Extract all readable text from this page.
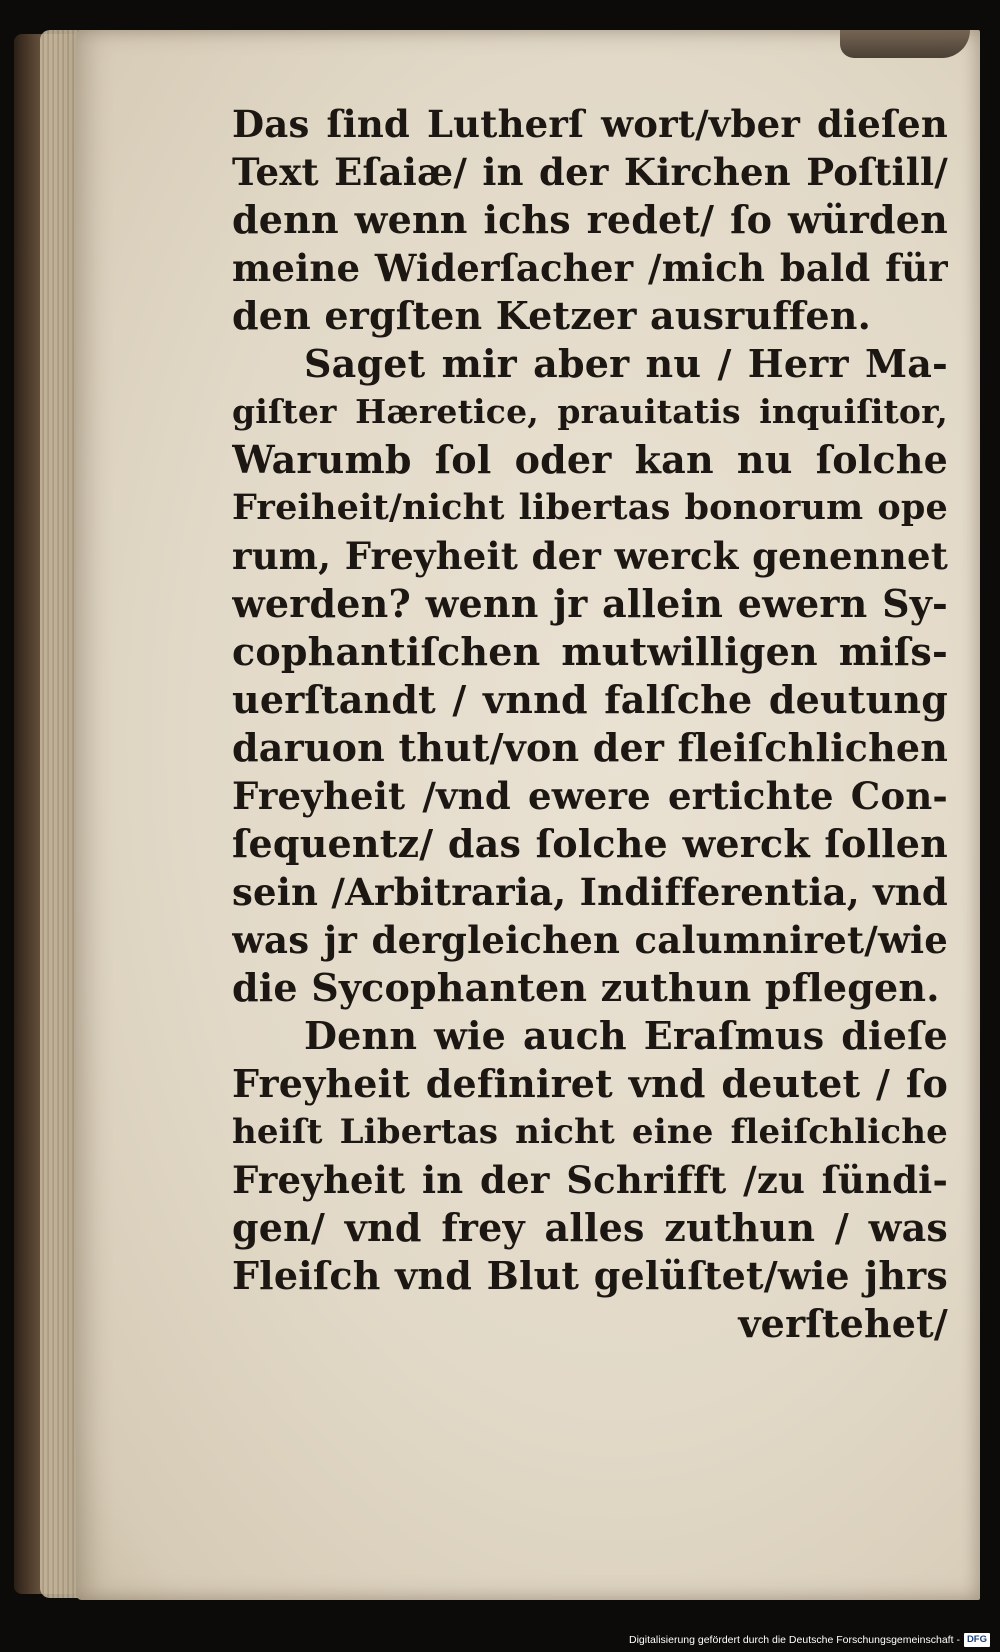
Das ſind Lutherſ wort/vber dieſen
Text Eſaiæ/ in der Kirchen Poſtill/
denn wenn ichs redet/ ſo würden
meine Widerſacher /mich bald für
den ergſten Ketzer ausruffen.
Saget mir aber nu / Herr Ma-
giſter Hæretice, prauitatis inquiſitor,
Warumb ſol oder kan nu ſolche
Freiheit/nicht libertas bonorum ope
rum, Freyheit der werck genennet
werden? wenn jr allein ewern Sy-
cophantiſchen mutwilligen miſs-
uerſtandt / vnnd falſche deutung
daruon thut/von der fleiſchlichen
Freyheit /vnd ewere ertichte Con-
ſequentz/ das ſolche werck ſollen
sein /Arbitraria, Indifferentia, vnd
was jr dergleichen calumniret/wie
die Sycophanten zuthun pflegen.
Denn wie auch Eraſmus dieſe
Freyheit definiret vnd deutet / ſo
heiſt Libertas nicht eine fleiſchliche
Freyheit in der Schrifft /zu ſündi-
gen/ vnd frey alles zuthun / was
Fleiſch vnd Blut gelüſtet/wie jhrs
verſtehet/
Digitalisierung gefördert durch die Deutsche Forschungsgemeinschaft - DFG
